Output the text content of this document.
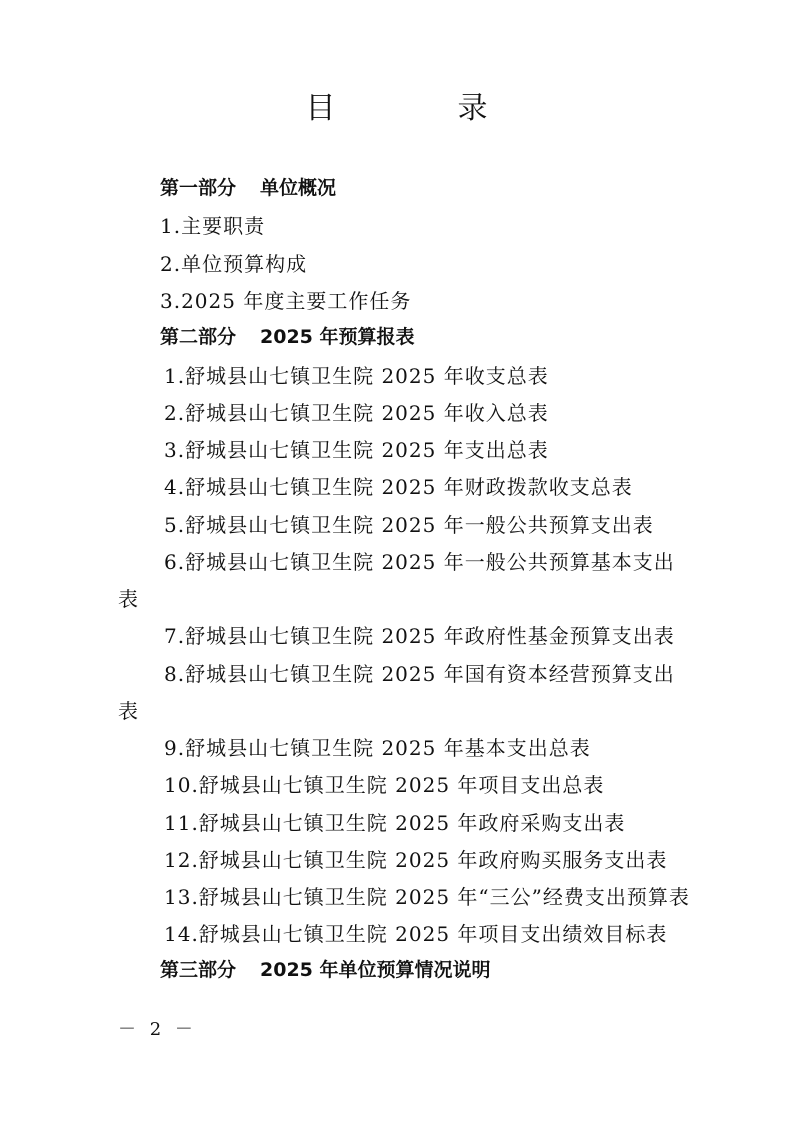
目　录
第一部分 单位概况
1.主要职责
2.单位预算构成
3.2025 年度主要工作任务
第二部分 2025 年预算报表
1.舒城县山七镇卫生院 2025 年收支总表
2.舒城县山七镇卫生院 2025 年收入总表
3.舒城县山七镇卫生院 2025 年支出总表
4.舒城县山七镇卫生院 2025 年财政拨款收支总表
5.舒城县山七镇卫生院 2025 年一般公共预算支出表
6.舒城县山七镇卫生院 2025 年一般公共预算基本支出
表
7.舒城县山七镇卫生院 2025 年政府性基金预算支出表
8.舒城县山七镇卫生院 2025 年国有资本经营预算支出
表
9.舒城县山七镇卫生院 2025 年基本支出总表
10.舒城县山七镇卫生院 2025 年项目支出总表
11.舒城县山七镇卫生院 2025 年政府采购支出表
12.舒城县山七镇卫生院 2025 年政府购买服务支出表
13.舒城县山七镇卫生院 2025 年“三公”经费支出预算表
14.舒城县山七镇卫生院 2025 年项目支出绩效目标表
第三部分 2025 年单位预算情况说明
－ 2 －
